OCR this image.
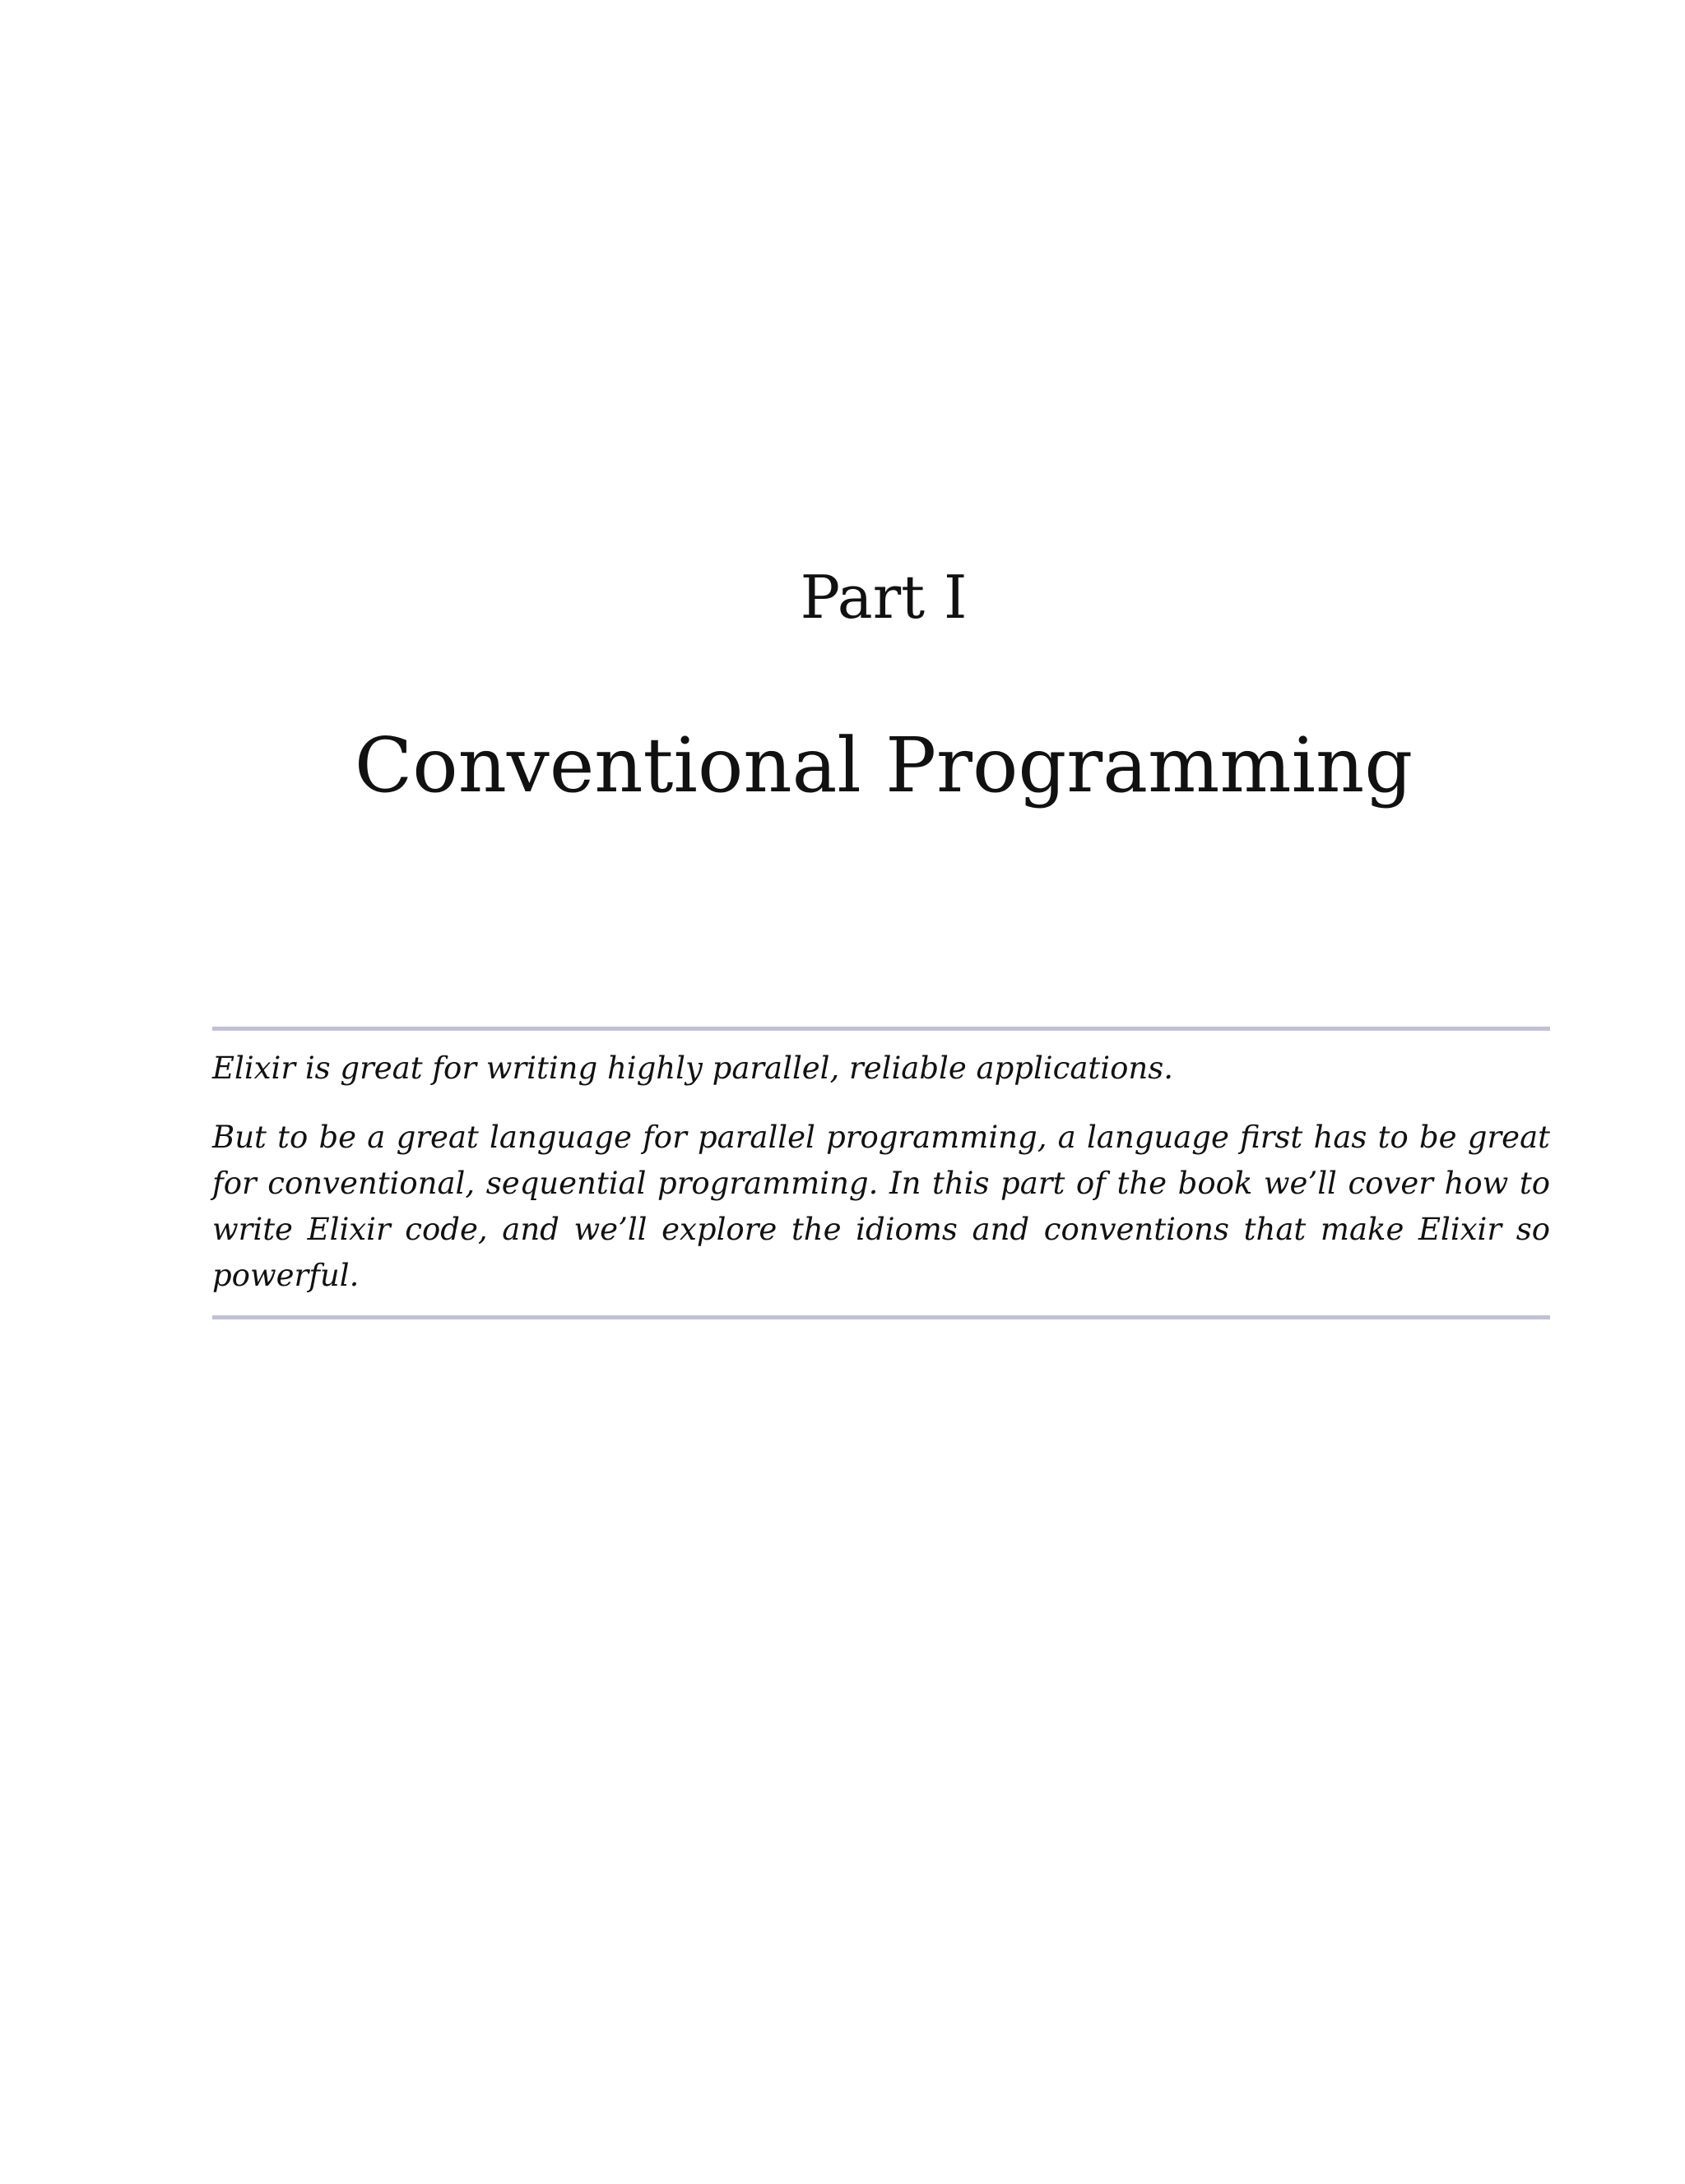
Part I
Conventional Programming

Elixir is great for writing highly parallel, reliable applications.

But to be a great language for parallel programming, a language first has to be great for conventional, sequential programming. In this part of the book we’ll cover how to write Elixir code, and we’ll explore the idioms and conventions that make Elixir so powerful.
